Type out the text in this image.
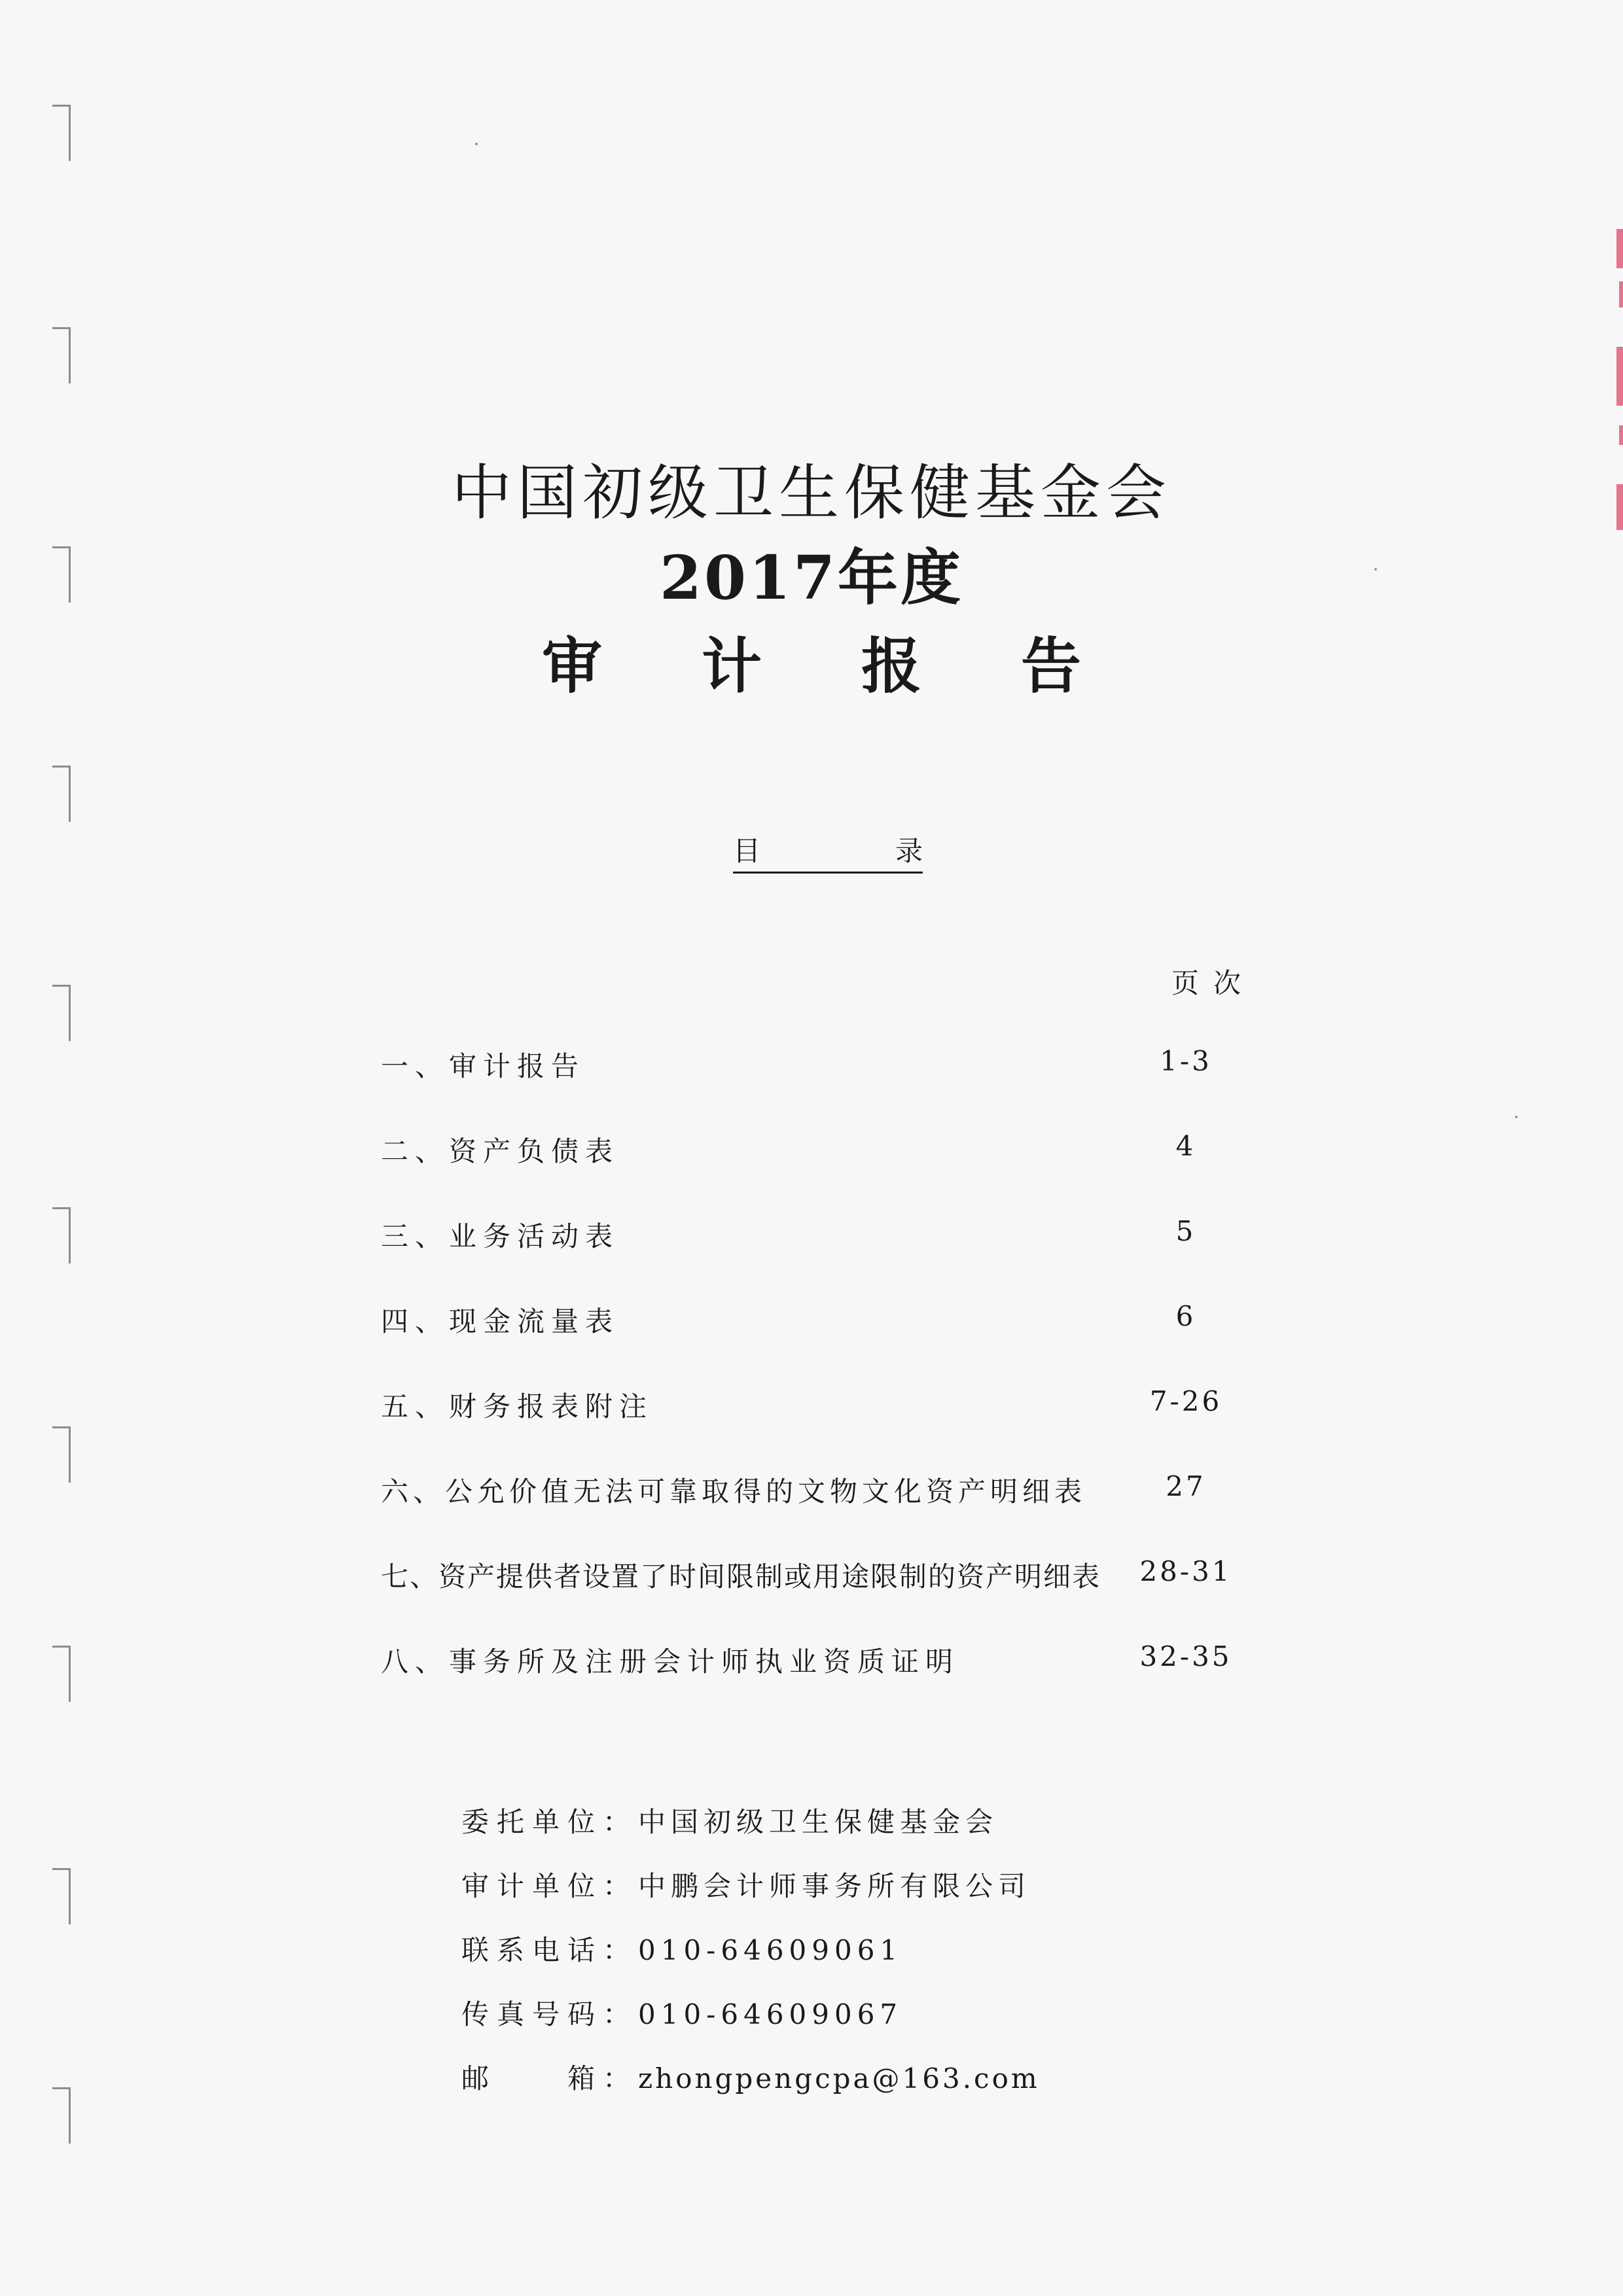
中国初级卫生保健基金会
2017年度
审 计 报 告
目	录
页次
一、审计报告	1-3
二、资产负债表	4
三、业务活动表	5
四、现金流量表	6
五、财务报表附注	7-26
六、公允价值无法可靠取得的文物文化资产明细表	27
七、资产提供者设置了时间限制或用途限制的资产明细表	28-31
八、事务所及注册会计师执业资质证明	32-35
委托单位：中国初级卫生保健基金会
审计单位：中鹏会计师事务所有限公司
联系电话：010-64609061
传真号码：010-64609067
邮　　箱：zhongpengcpa@163.com
